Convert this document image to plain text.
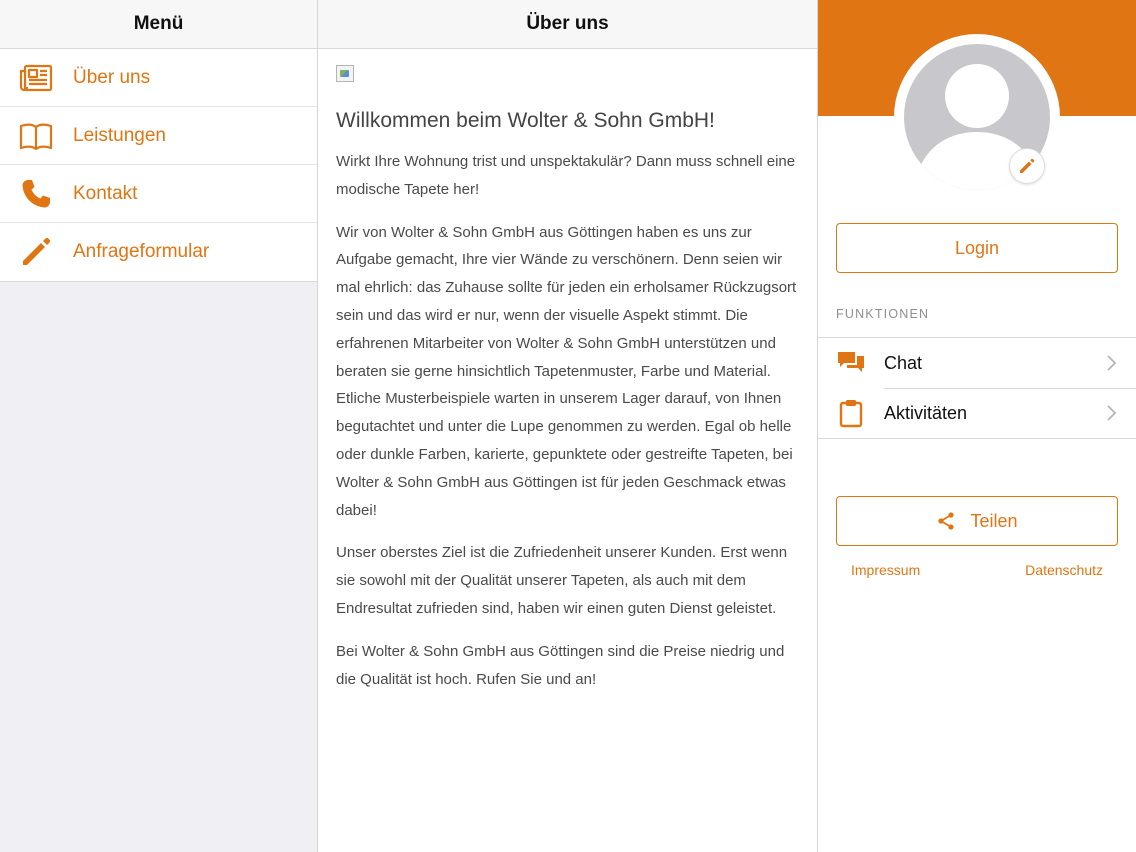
Menü
Über uns
Leistungen
Kontakt
Anfrageformular
Über uns
Willkommen beim Wolter & Sohn GmbH!

Wirkt Ihre Wohnung trist und unspektakulär? Dann muss schnell eine modische Tapete her!

Wir von Wolter & Sohn GmbH aus Göttingen haben es uns zur Aufgabe gemacht, Ihre vier Wände zu verschönern. Denn seien wir mal ehrlich: das Zuhause sollte für jeden ein erholsamer Rückzugsort sein und das wird er nur, wenn der visuelle Aspekt stimmt. Die erfahrenen Mitarbeiter von Wolter & Sohn GmbH unterstützen und beraten sie gerne hinsichtlich Tapetenmuster, Farbe und Material. Etliche Musterbeispiele warten in unserem Lager darauf, von Ihnen begutachtet und unter die Lupe genommen zu werden. Egal ob helle oder dunkle Farben, karierte, gepunktete oder gestreifte Tapeten, bei Wolter & Sohn GmbH aus Göttingen ist für jeden Geschmack etwas dabei!

Unser oberstes Ziel ist die Zufriedenheit unserer Kunden. Erst wenn sie sowohl mit der Qualität unserer Tapeten, als auch mit dem Endresultat zufrieden sind, haben wir einen guten Dienst geleistet.

Bei Wolter & Sohn GmbH aus Göttingen sind die Preise niedrig und die Qualität ist hoch. Rufen Sie und an!

Login
FUNKTIONEN
Chat
Aktivitäten
Teilen
Impressum	Datenschutz
